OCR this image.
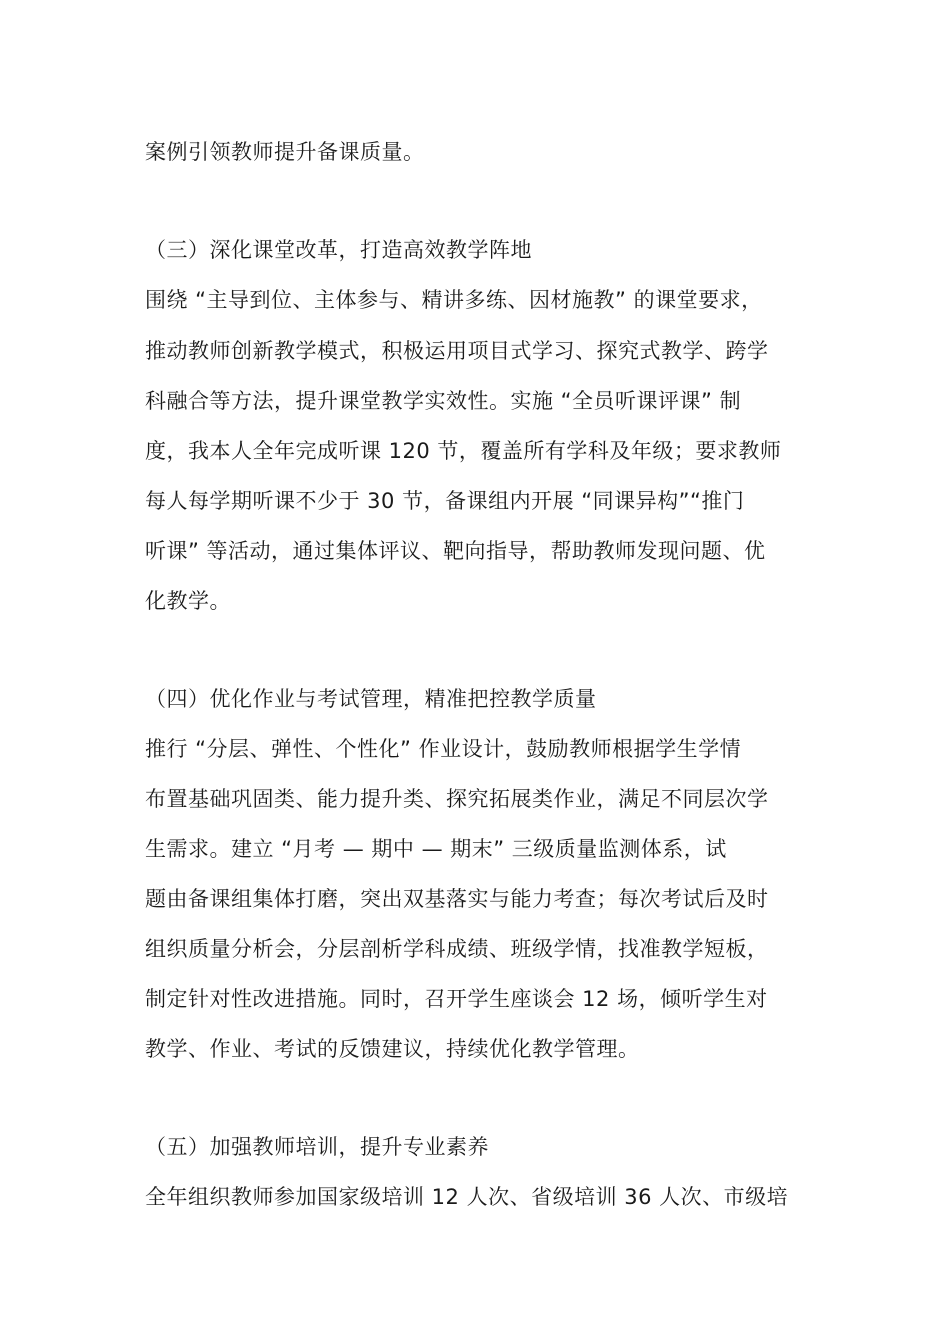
案例引领教师提升备课质量。
（三）深化课堂改革，打造高效教学阵地
围绕 “主导到位、主体参与、精讲多练、因材施教” 的课堂要求，
推动教师创新教学模式，积极运用项目式学习、探究式教学、跨学
科融合等方法，提升课堂教学实效性。实施 “全员听课评课” 制
度，我本人全年完成听课 120 节，覆盖所有学科及年级；要求教师
每人每学期听课不少于 30 节，备课组内开展 “同课异构”“推门
听课” 等活动，通过集体评议、靶向指导，帮助教师发现问题、优
化教学。
（四）优化作业与考试管理，精准把控教学质量
推行 “分层、弹性、个性化” 作业设计，鼓励教师根据学生学情
布置基础巩固类、能力提升类、探究拓展类作业，满足不同层次学
生需求。建立 “月考 — 期中 — 期末” 三级质量监测体系，试
题由备课组集体打磨，突出双基落实与能力考查；每次考试后及时
组织质量分析会，分层剖析学科成绩、班级学情，找准教学短板，
制定针对性改进措施。同时，召开学生座谈会 12 场，倾听学生对
教学、作业、考试的反馈建议，持续优化教学管理。
（五）加强教师培训，提升专业素养
全年组织教师参加国家级培训 12 人次、省级培训 36 人次、市级培
